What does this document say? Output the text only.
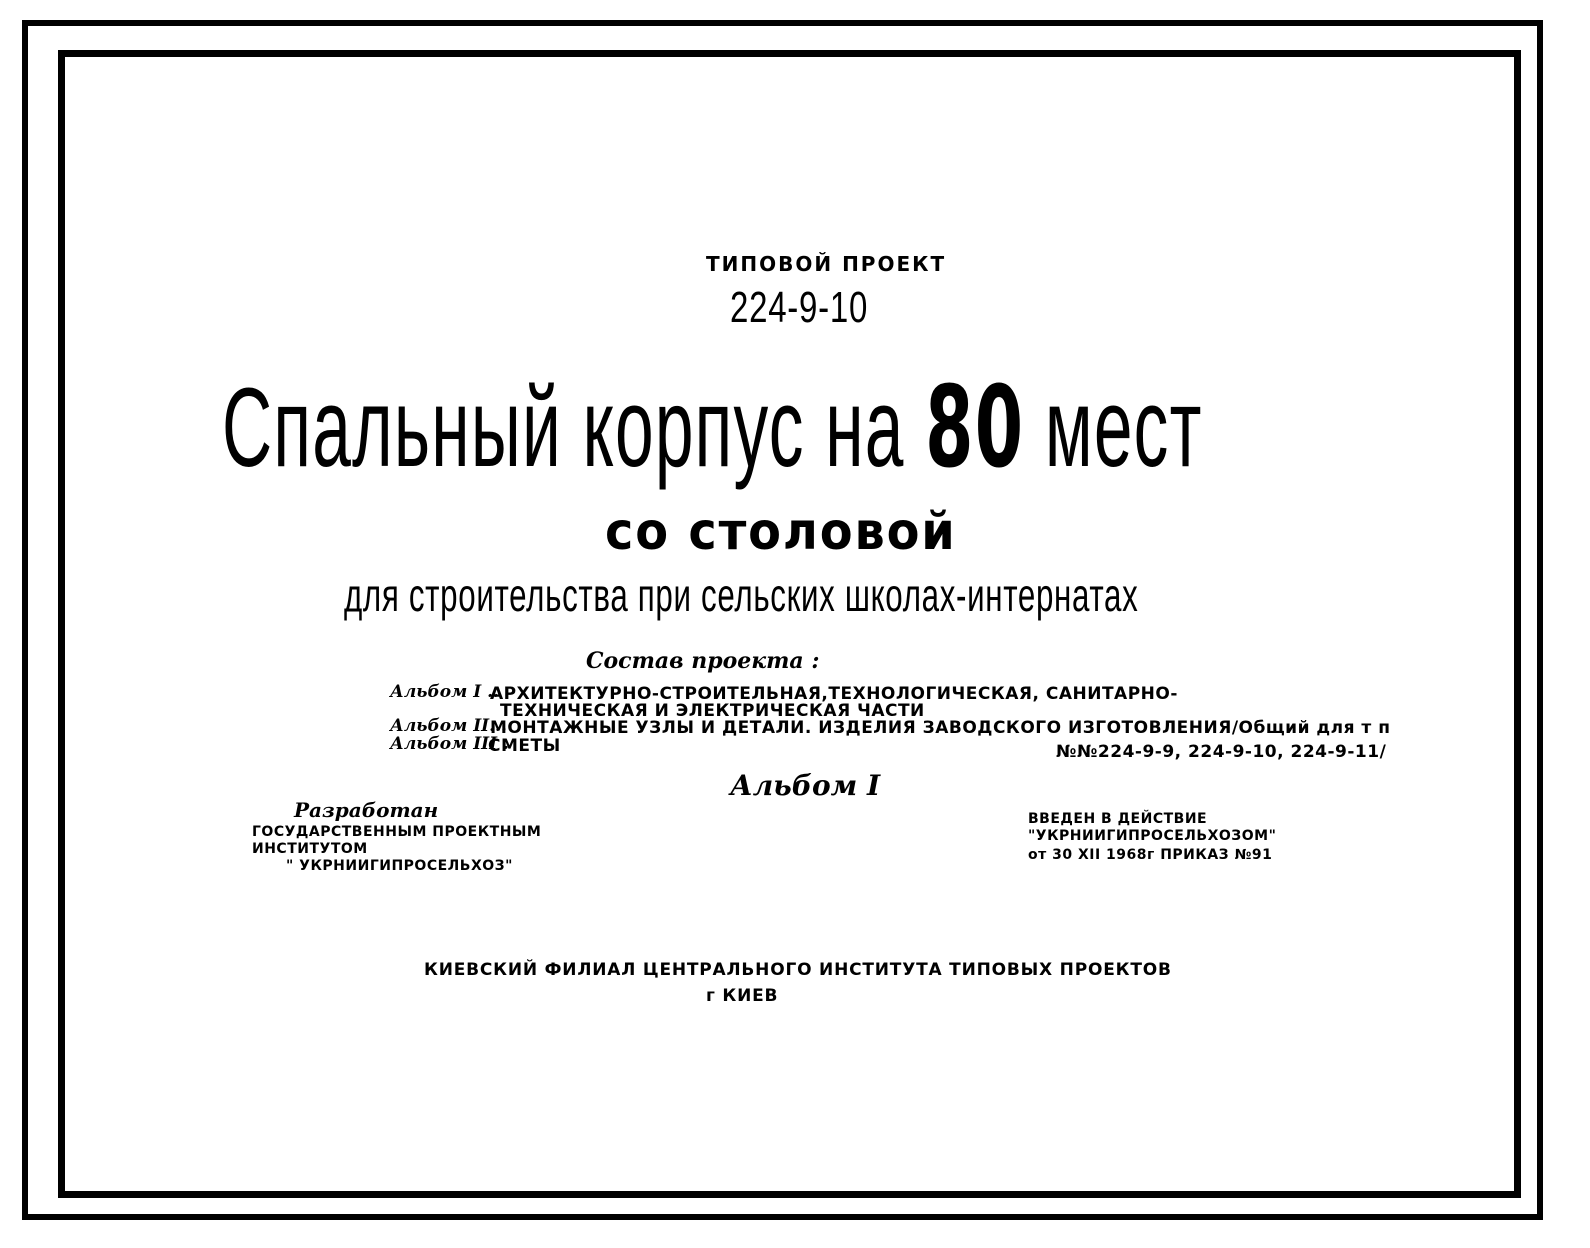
ТИПОВОЙ ПРОЕКТ
224-9-10
Спальный корпус на 80 мест
со столовой
для строительства при сельских школах-интернатах
Состав проекта :
Альбом I ..
АРХИТЕКТУРНО-СТРОИТЕЛЬНАЯ,ТЕХНОЛОГИЧЕСКАЯ, САНИТАРНО-
ТЕХНИЧЕСКАЯ И ЭЛЕКТРИЧЕСКАЯ ЧАСТИ
Альбом II...
МОНТАЖНЫЕ УЗЛЫ И ДЕТАЛИ. ИЗДЕЛИЯ ЗАВОДСКОГО ИЗГОТОВЛЕНИЯ/Общий для т п
Альбом III .
СМЕТЫ	№№224-9-9, 224-9-10, 224-9-11/
Альбом I
Разработан
ГОСУДАРСТВЕННЫМ ПРОЕКТНЫМ
ИНСТИТУТОМ
" УКРНИИГИПРОСЕЛЬХОЗ"
ВВЕДЕН В ДЕЙСТВИЕ
"УКРНИИГИПРОСЕЛЬХОЗОМ"
от 30 XII 1968г ПРИКАЗ №91
КИЕВСКИЙ ФИЛИАЛ ЦЕНТРАЛЬНОГО ИНСТИТУТА ТИПОВЫХ ПРОЕКТОВ
г КИЕВ
